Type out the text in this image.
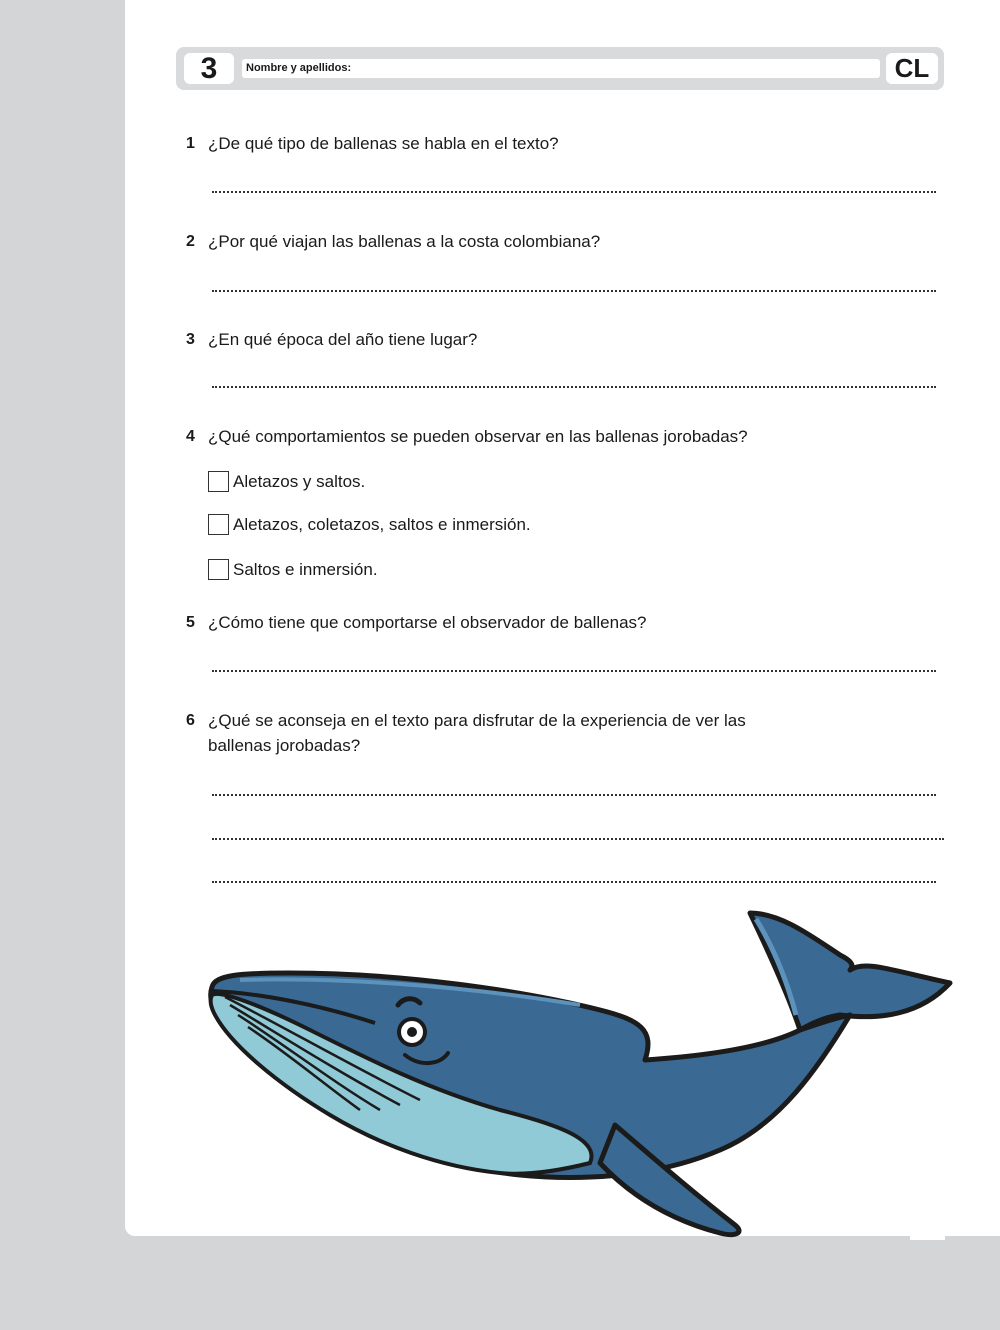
3	Nombre y apellidos:	CL
1 ¿De qué tipo de ballenas se habla en el texto?
2 ¿Por qué viajan las ballenas a la costa colombiana?
3 ¿En qué época del año tiene lugar?
4 ¿Qué comportamientos se pueden observar en las ballenas jorobadas?
Aletazos y saltos.
Aletazos, coletazos, saltos e inmersión.
Saltos e inmersión.
5 ¿Cómo tiene que comportarse el observador de ballenas?
6 ¿Qué se aconseja en el texto para disfrutar de la experiencia de ver las
ballenas jorobadas?
